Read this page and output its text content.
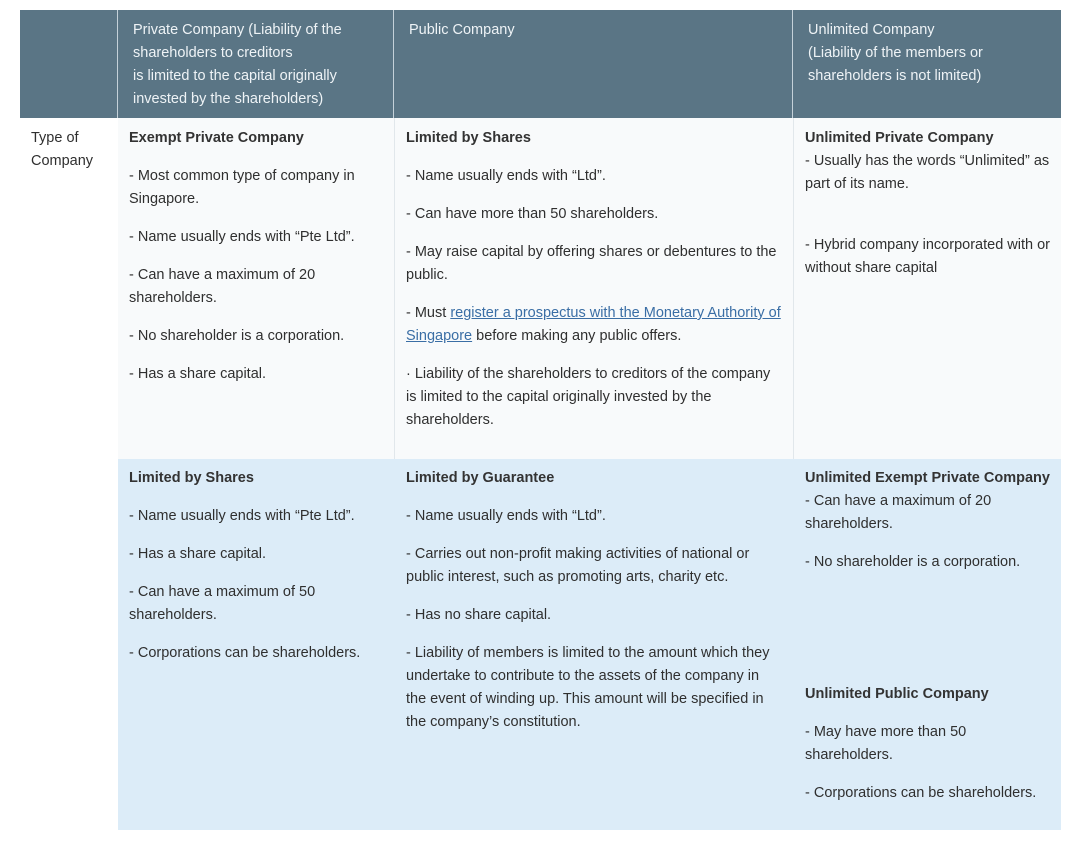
Private Company (Liability of the
shareholders to creditors
is limited to the capital originally
invested by the shareholders)
Public Company	Unlimited Company
(Liability of the members or
shareholders is not limited)
Type of
Company
Exempt Private Company

- Most common type of company in Singapore.

- Name usually ends with “Pte Ltd”.

- Can have a maximum of 20 shareholders.

- No shareholder is a corporation.

- Has a share capital.

Limited by Shares

- Name usually ends with “Ltd”.

- Can have more than 50 shareholders.

- May raise capital by offering shares or debentures to the public.

- Must register a prospectus with the Monetary Authority of Singapore before making any public offers.

· Liability of the shareholders to creditors of the company is limited to the capital originally invested by the shareholders.

Unlimited Private Company

- Usually has the words “Unlimited” as part of its name.

- Hybrid company incorporated with or without share capital

Limited by Shares

- Name usually ends with “Pte Ltd”.

- Has a share capital.

- Can have a maximum of 50 shareholders.

- Corporations can be shareholders.

Limited by Guarantee

- Name usually ends with “Ltd”.

- Carries out non-profit making activities of national or public interest, such as promoting arts, charity etc.

- Has no share capital.

- Liability of members is limited to the amount which they undertake to contribute to the assets of the company in the event of winding up. This amount will be specified in the company’s constitution.

Unlimited Exempt Private Company

- Can have a maximum of 20 shareholders.

- No shareholder is a corporation.

Unlimited Public Company

- May have more than 50 shareholders.

- Corporations can be shareholders.
